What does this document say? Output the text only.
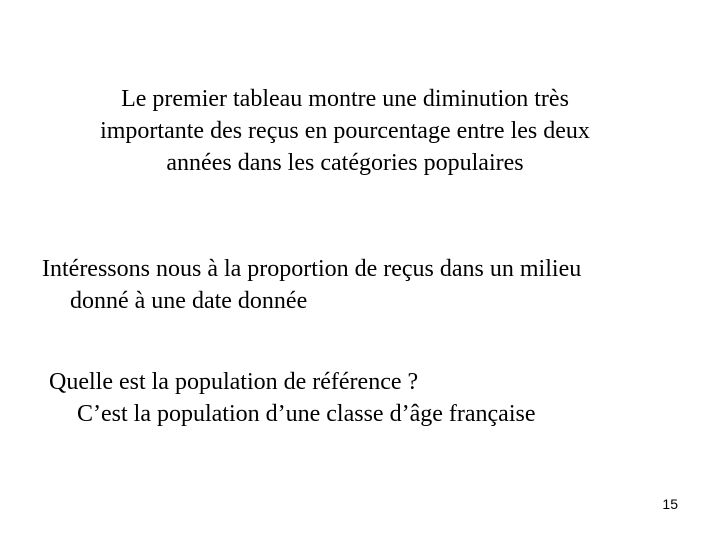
Le premier tableau montre une diminution très
importante des reçus en pourcentage entre les deux
années dans les catégories populaires
Intéressons nous à la proportion de reçus dans un milieu
donné à une date donnée
Quelle est la population de référence ?
C’est la population d’une classe d’âge française
15
